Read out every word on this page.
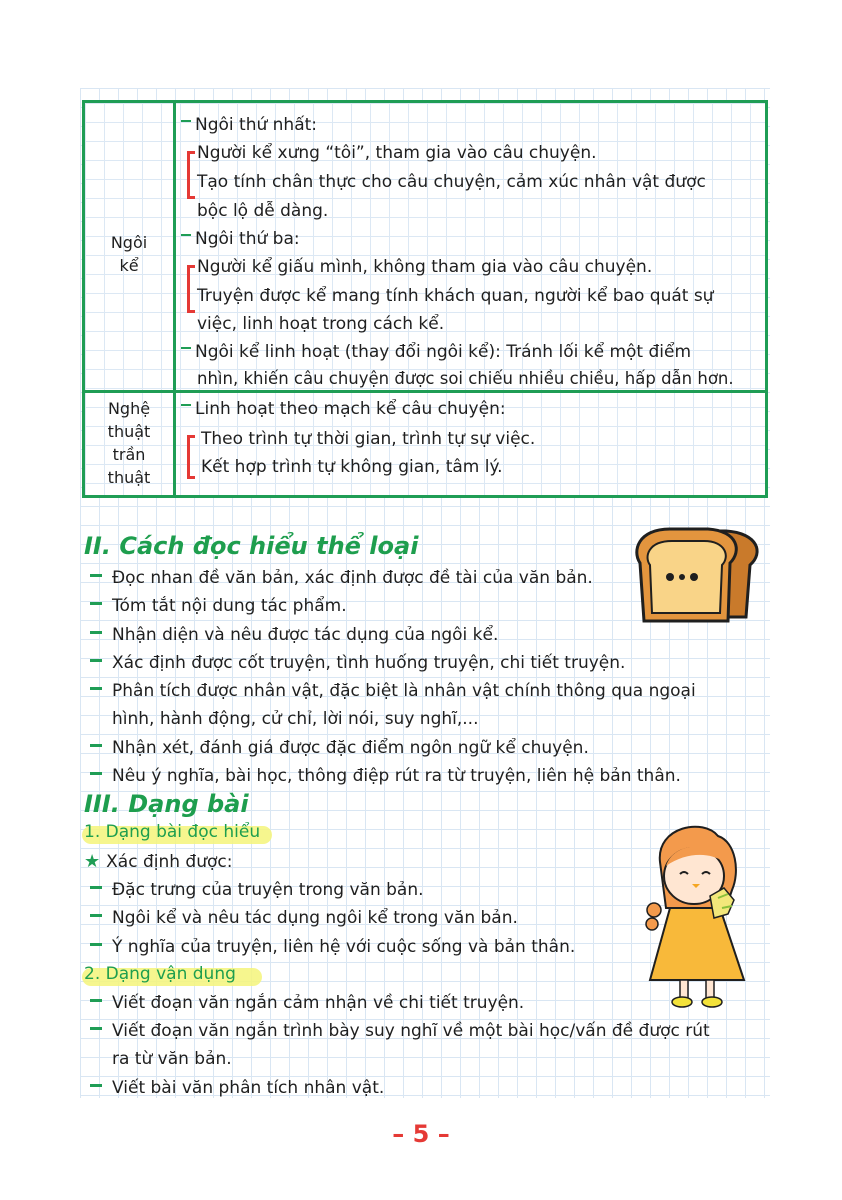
Ngôi kể
Nghệ thuật trần thuật
Ngôi thứ nhất:
Người kể xưng “tôi”, tham gia vào câu chuyện.
Tạo tính chân thực cho câu chuyện, cảm xúc nhân vật được
bộc lộ dễ dàng.
Ngôi thứ ba:
Người kể giấu mình, không tham gia vào câu chuyện.
Truyện được kể mang tính khách quan, người kể bao quát sự
việc, linh hoạt trong cách kể.
Ngôi kể linh hoạt (thay đổi ngôi kể): Tránh lối kể một điểm
nhìn, khiến câu chuyện được soi chiếu nhiều chiều, hấp dẫn hơn.
Linh hoạt theo mạch kể câu chuyện:
Theo trình tự thời gian, trình tự sự việc.
Kết hợp trình tự không gian, tâm lý.
II. Cách đọc hiểu thể loại
Đọc nhan đề văn bản, xác định được đề tài của văn bản.
Tóm tắt nội dung tác phẩm.
Nhận diện và nêu được tác dụng của ngôi kể.
Xác định được cốt truyện, tình huống truyện, chi tiết truyện.
Phân tích được nhân vật, đặc biệt là nhân vật chính thông qua ngoại
hình, hành động, cử chỉ, lời nói, suy nghĩ,...
Nhận xét, đánh giá được đặc điểm ngôn ngữ kể chuyện.
Nêu ý nghĩa, bài học, thông điệp rút ra từ truyện, liên hệ bản thân.
III. Dạng bài
1. Dạng bài đọc hiểu
★ Xác định được:
Đặc trưng của truyện trong văn bản.
Ngôi kể và nêu tác dụng ngôi kể trong văn bản.
Ý nghĩa của truyện, liên hệ với cuộc sống và bản thân.
2. Dạng vận dụng
Viết đoạn văn ngắn cảm nhận về chi tiết truyện.
Viết đoạn văn ngắn trình bày suy nghĩ về một bài học/vấn đề được rút
ra từ văn bản.
Viết bài văn phân tích nhân vật.
– 5 –
